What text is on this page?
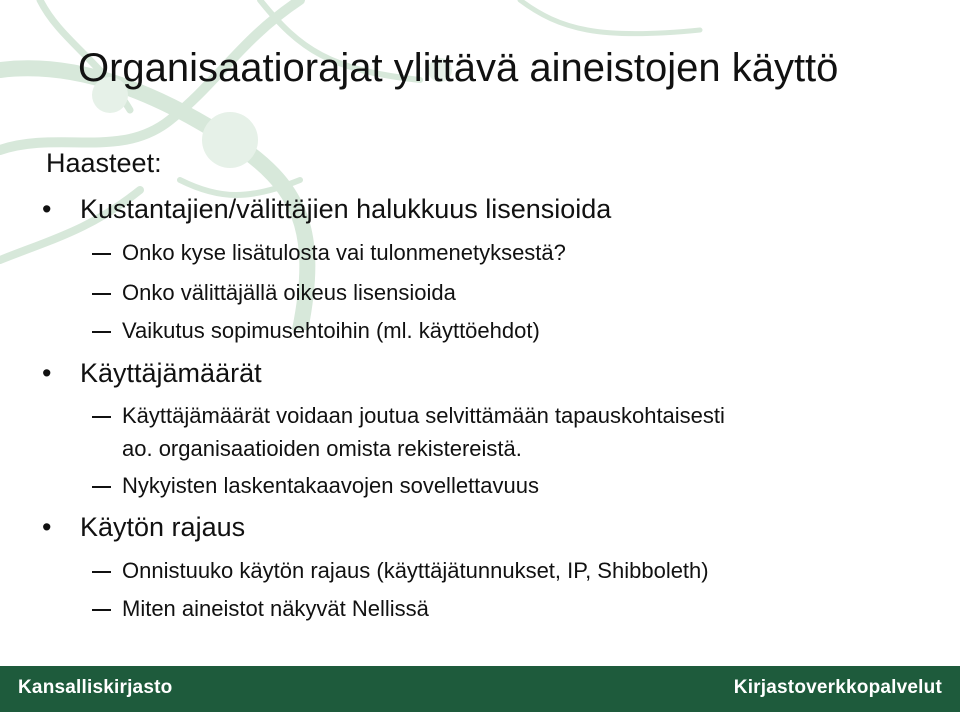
Organisaatiorajat ylittävä aineistojen käyttö
Haasteet:
• Kustantajien/välittäjien halukkuus lisensioida
Onko kyse lisätulosta vai tulonmenetyksestä?
Onko välittäjällä oikeus lisensioida
Vaikutus sopimusehtoihin (ml. käyttöehdot)
• Käyttäjämäärät
Käyttäjämäärät voidaan joutua selvittämään tapauskohtaisesti
ao. organisaatioiden omista rekistereistä.
Nykyisten laskentakaavojen sovellettavuus
• Käytön rajaus
Onnistuuko käytön rajaus (käyttäjätunnukset, IP, Shibboleth)
Miten aineistot näkyvät Nellissä
Kansalliskirjasto	Kirjastoverkkopalvelut
